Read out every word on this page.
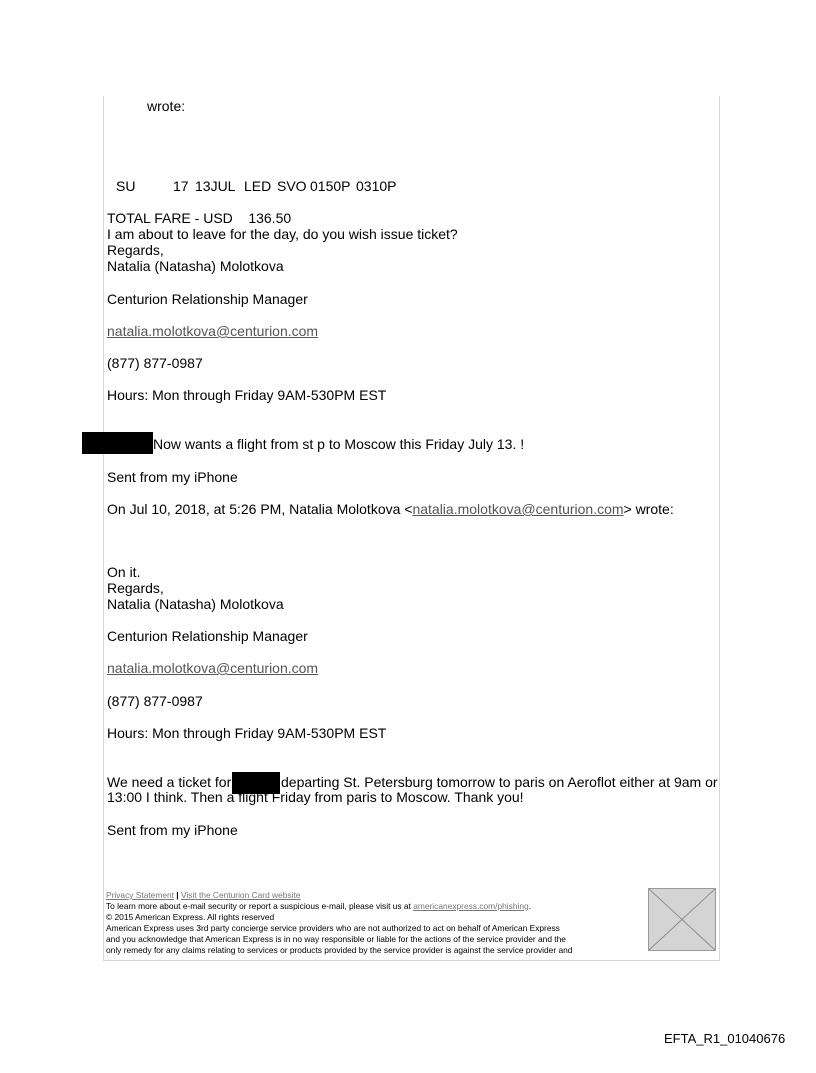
wrote:
SU	17 13JUL LED SVO 0150P 0310P
TOTAL FARE - USD    136.50
I am about to leave for the day, do you wish issue ticket?
Regards,
Natalia (Natasha) Molotkova
Centurion Relationship Manager
natalia.molotkova@centurion.com
(877) 877-0987
Hours: Mon through Friday 9AM-530PM EST
Now wants a flight from st p to Moscow this Friday July 13. !
Sent from my iPhone
On Jul 10, 2018, at 5:26 PM, Natalia Molotkova <natalia.molotkova@centurion.com> wrote:
On it.
Regards,
Natalia (Natasha) Molotkova
Centurion Relationship Manager
natalia.molotkova@centurion.com
(877) 877-0987
Hours: Mon through Friday 9AM-530PM EST
We need a ticket for	departing St. Petersburg tomorrow to paris on Aeroflot either at 9am or
13:00 I think. Then a flight Friday from paris to Moscow. Thank you!
Sent from my iPhone
Privacy Statement | Visit the Centurion Card website
To learn more about e-mail security or report a suspicious e-mail, please visit us at americanexpress.com/phishing.
© 2015 American Express. All rights reserved
American Express uses 3rd party concierge service providers who are not authorized to act on behalf of American Express
and you acknowledge that American Express is in no way responsible or liable for the actions of the service provider and the
only remedy for any claims relating to services or products provided by the service provider is against the service provider and
EFTA_R1_01040676
